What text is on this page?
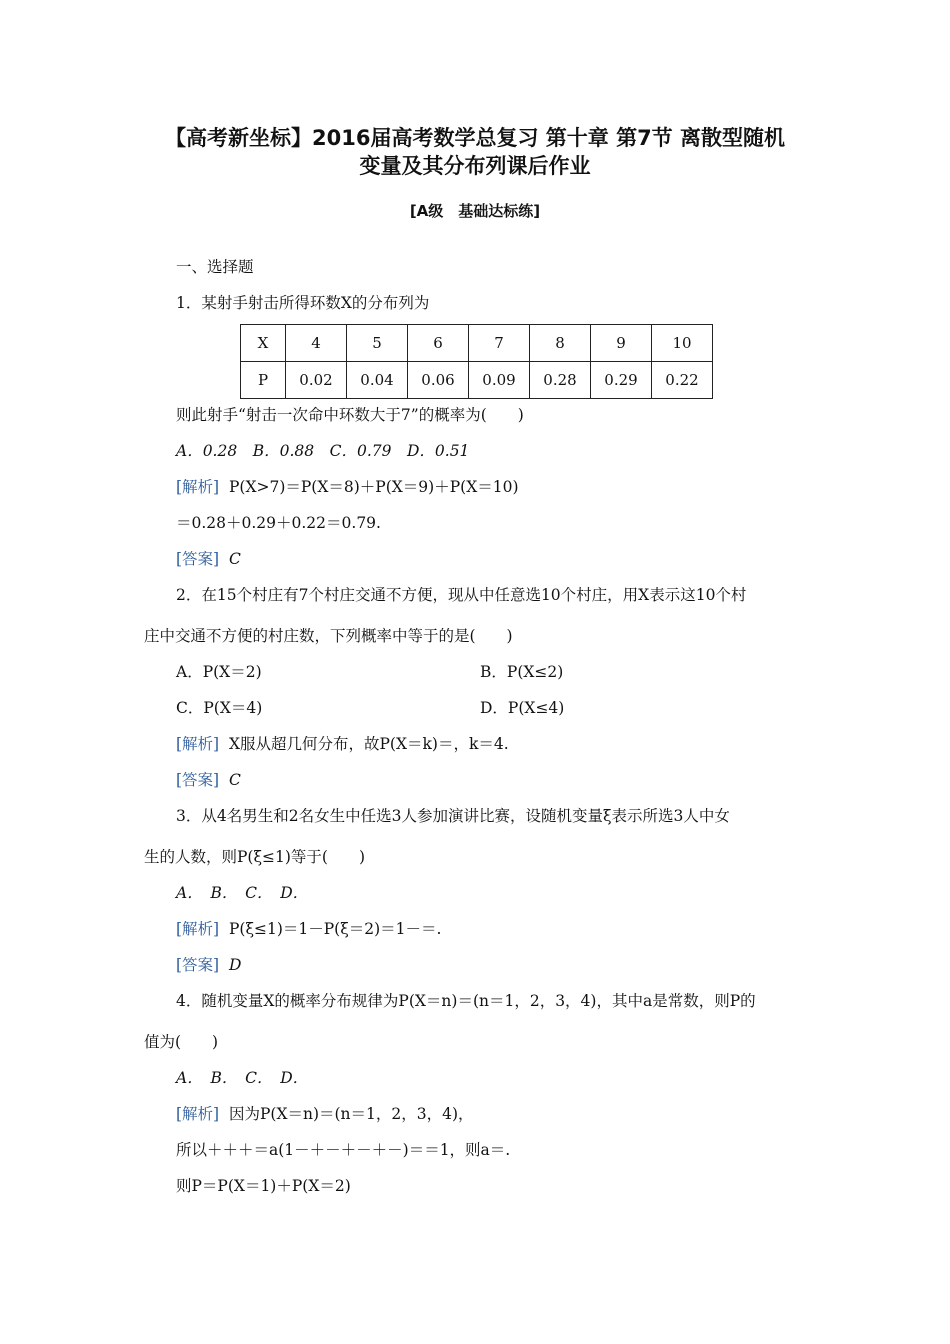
【高考新坐标】2016届高考数学总复习 第十章 第7节 离散型随机
变量及其分布列课后作业
[A级　基础达标练]
一、选择题
1．某射手射击所得环数X的分布列为
X	4	5	6	7	8	9	10
P	0.02	0.04	0.06	0.09	0.28	0.29	0.22
则此射手“射击一次命中环数大于7”的概率为(　　)
A．0.28　B．0.88　C．0.79　D．0.51
[解析] P(X>7)＝P(X＝8)＋P(X＝9)＋P(X＝10)
＝0.28＋0.29＋0.22＝0.79.
[答案] C
2．在15个村庄有7个村庄交通不方便，现从中任意选10个村庄，用X表示这10个村
庄中交通不方便的村庄数，下列概率中等于的是(　　)
A．P(X＝2)	B．P(X≤2)
C．P(X＝4)	D．P(X≤4)
[解析] X服从超几何分布，故P(X＝k)＝，k＝4.
[答案] C
3．从4名男生和2名女生中任选3人参加演讲比赛，设随机变量ξ表示所选3人中女
生的人数，则P(ξ≤1)等于(　　)
A．　B．　C．　D．
[解析] P(ξ≤1)＝1－P(ξ＝2)＝1－＝.
[答案] D
4．随机变量X的概率分布规律为P(X＝n)＝(n＝1，2，3，4)，其中a是常数，则P的
值为(　　)
A．　B．　C．　D．
[解析] 因为P(X＝n)＝(n＝1，2，3，4)，
所以＋＋＋＝a(1－＋－＋－＋－)＝＝1，则a＝.
则P＝P(X＝1)＋P(X＝2)
